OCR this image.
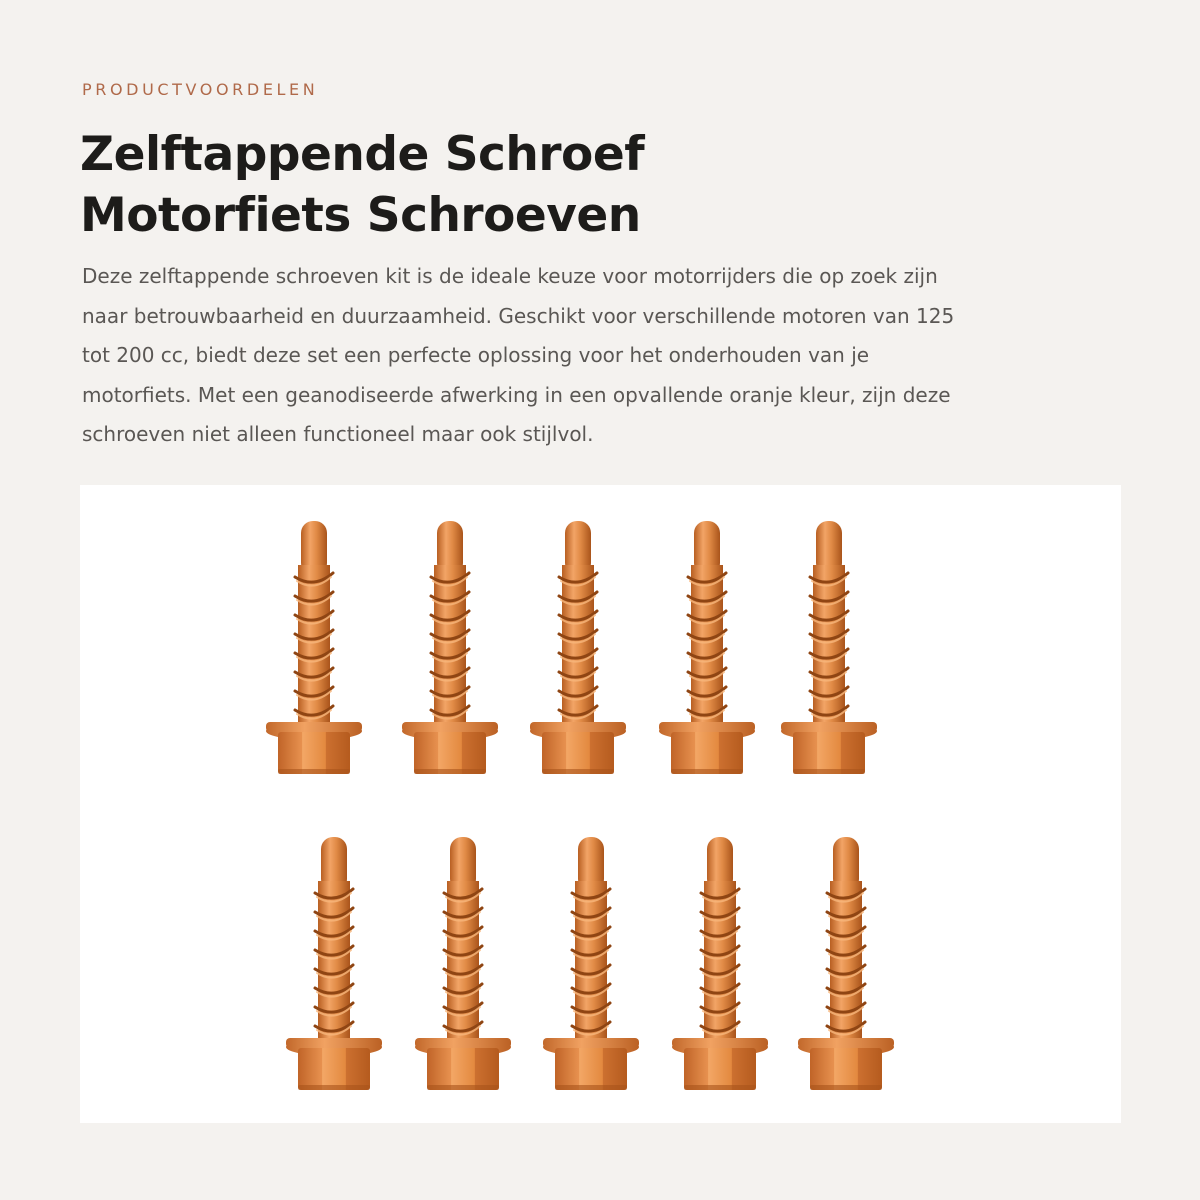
PRODUCTVOORDELEN
Zelftappende Schroef
Motorfiets Schroeven

Deze zelftappende schroeven kit is de ideale keuze voor motorrijders die op zoek zijn
naar betrouwbaarheid en duurzaamheid. Geschikt voor verschillende motoren van 125
tot 200 cc, biedt deze set een perfecte oplossing voor het onderhouden van je
motorfiets. Met een geanodiseerde afwerking in een opvallende oranje kleur, zijn deze
schroeven niet alleen functioneel maar ook stijlvol.
